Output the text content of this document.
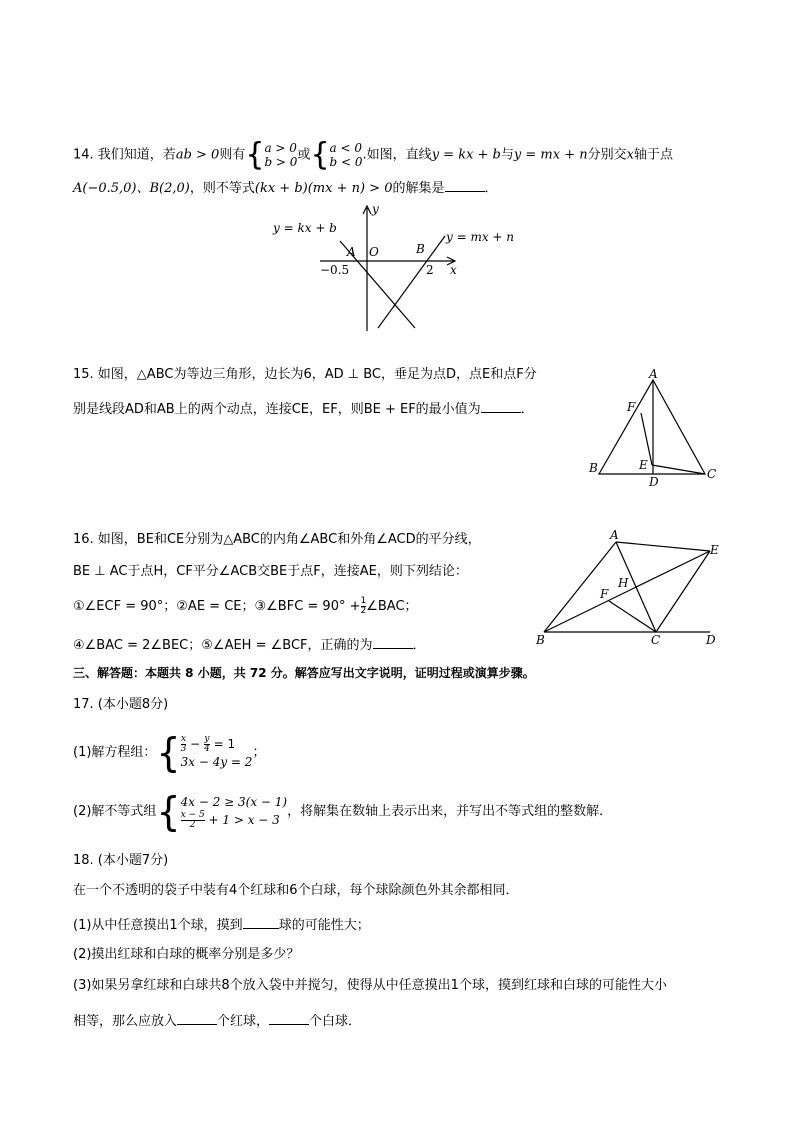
14. 我们知道，若ab > 0则有{a > 0
b > 0或{a < 0
b < 0.如图，直线y = kx + b与y = mx + n分别交x轴于点
A(−0.5,0)、B(2,0)，则不等式(kx + b)(mx + n) > 0的解集是	．
y
x
A O	B
−0.5	2
y = kx + b
y = mx + n
15. 如图，△ABC为等边三角形，边长为6，AD ⊥ BC，垂足为点D，点E和点F分
别是线段AD和AB上的两个动点，连接CE，EF，则BE + EF的最小值为	．
A
F
E
B
D
C
16. 如图，BE和CE分别为△ABC的内角∠ABC和外角∠ACD的平分线，
BE ⊥ AC于点H，CF平分∠ACB交BE于点F，连接AE，则下列结论：
①∠ECF = 90°；②AE = CE；③∠BFC = $90^\circ + \frac{1}{2}$ ∠BAC；
④∠BAC = 2∠BEC；⑤∠AEH = ∠BCF，正确的为	．
A
E
H
F
B	C	D
三、解答题：本题共 8 小题，共 72 分。解答应写出文字说明，证明过程或演算步骤。
17. (本小题8分)
(1)解方程组：{ $\frac{x}{3} - \frac{y}{4} = 1$
3x − 4y = 2；
(2)解不等式组{4x − 2 ≥ 3(x − 1)

$\frac{x - 5}{2} + 1 > x - 3$，将解集在数轴上表示出来，并写出不等式组的整数解．
18. (本小题7分)
在一个不透明的袋子中装有4个红球和6个白球，每个球除颜色外其余都相同．
(1)从中任意摸出1个球，摸到	球的可能性大；
(2)摸出红球和白球的概率分别是多少？
(3)如果另拿红球和白球共8个放入袋中并搅匀，使得从中任意摸出1个球，摸到红球和白球的可能性大小
相等，那么应放入	个红球，	个白球．
